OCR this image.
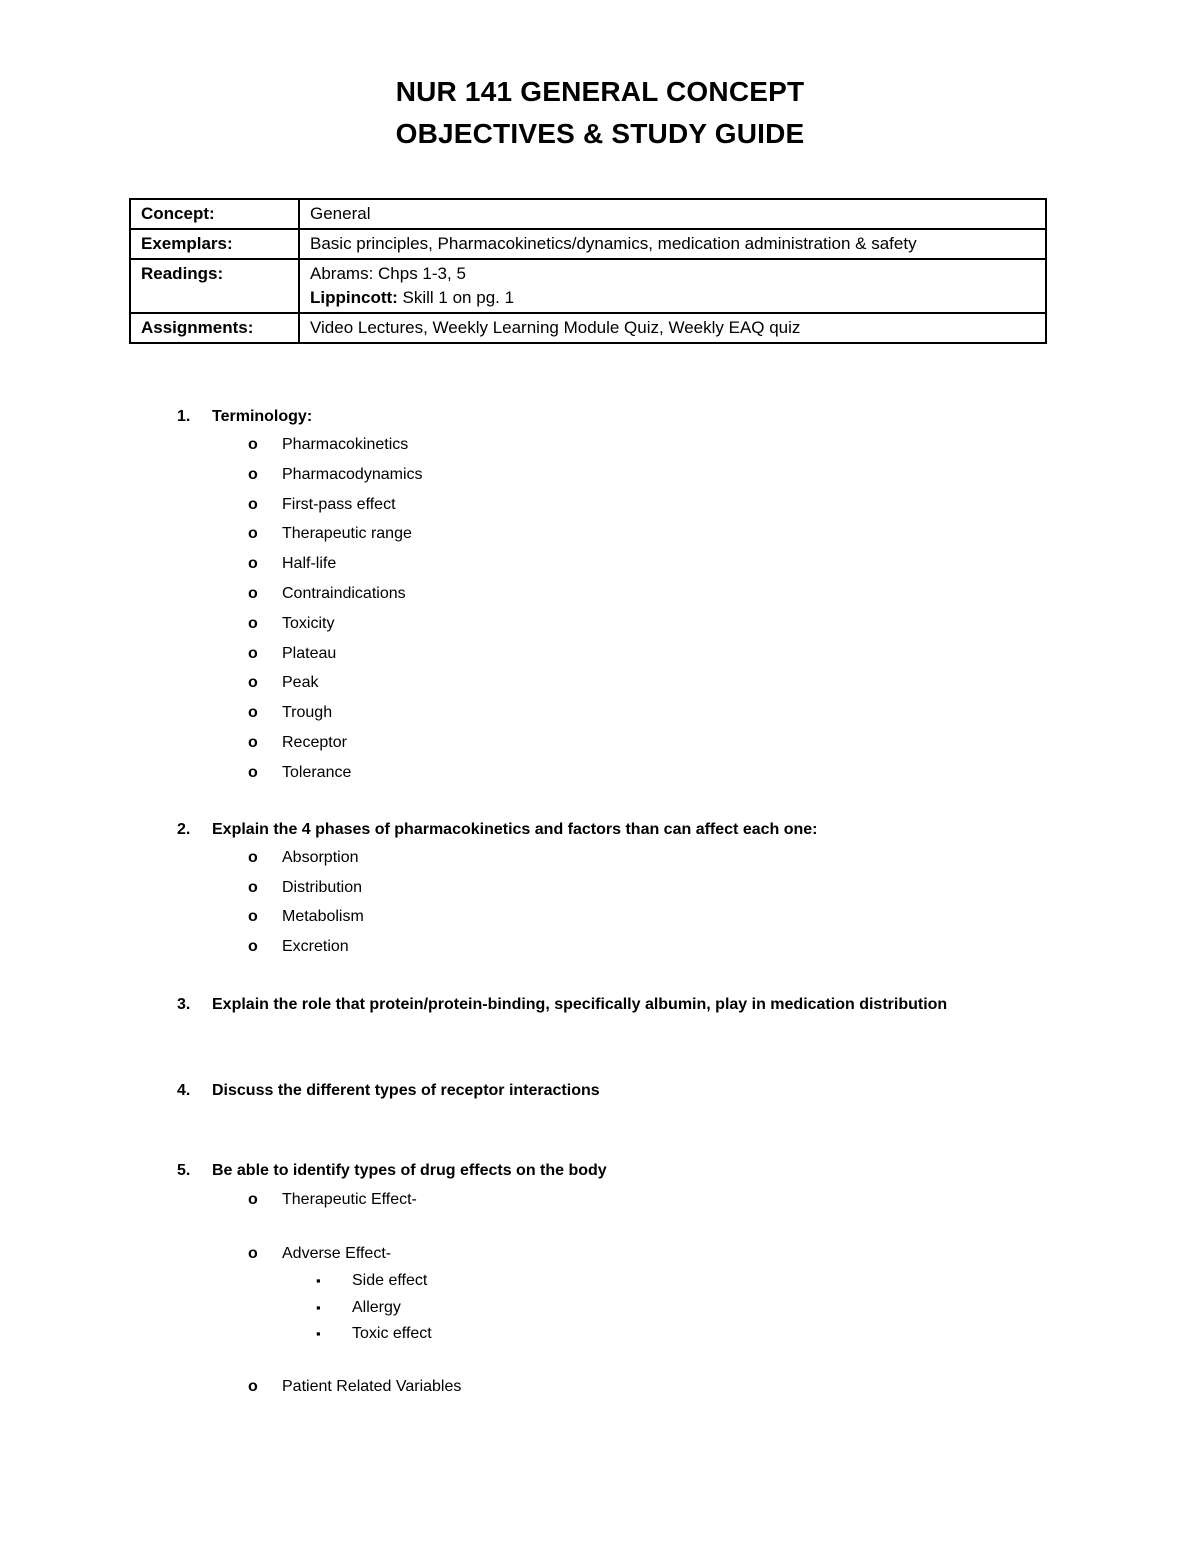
NUR 141 GENERAL CONCEPT
OBJECTIVES & STUDY GUIDE
Concept:	General
Exemplars:	Basic principles, Pharmacokinetics/dynamics, medication administration & safety
Readings:	Abrams: Chps 1-3, 5
Lippincott: Skill 1 on pg. 1

Assignments:	Video Lectures, Weekly Learning Module Quiz, Weekly EAQ quiz
1. Terminology:
o Pharmacokinetics
o Pharmacodynamics
o First-pass effect
o Therapeutic range
o Half-life
o Contraindications
o Toxicity
o Plateau
o Peak
o Trough
o Receptor
o Tolerance
2. Explain the 4 phases of pharmacokinetics and factors than can affect each one:
o Absorption
o Distribution
o Metabolism
o Excretion
3. Explain the role that protein/protein-binding, specifically albumin, play in medication distribution
4. Discuss the different types of receptor interactions
5. Be able to identify types of drug effects on the body
o Therapeutic Effect-
o Adverse Effect-
▪ Side effect
▪ Allergy
▪ Toxic effect
o Patient Related Variables
